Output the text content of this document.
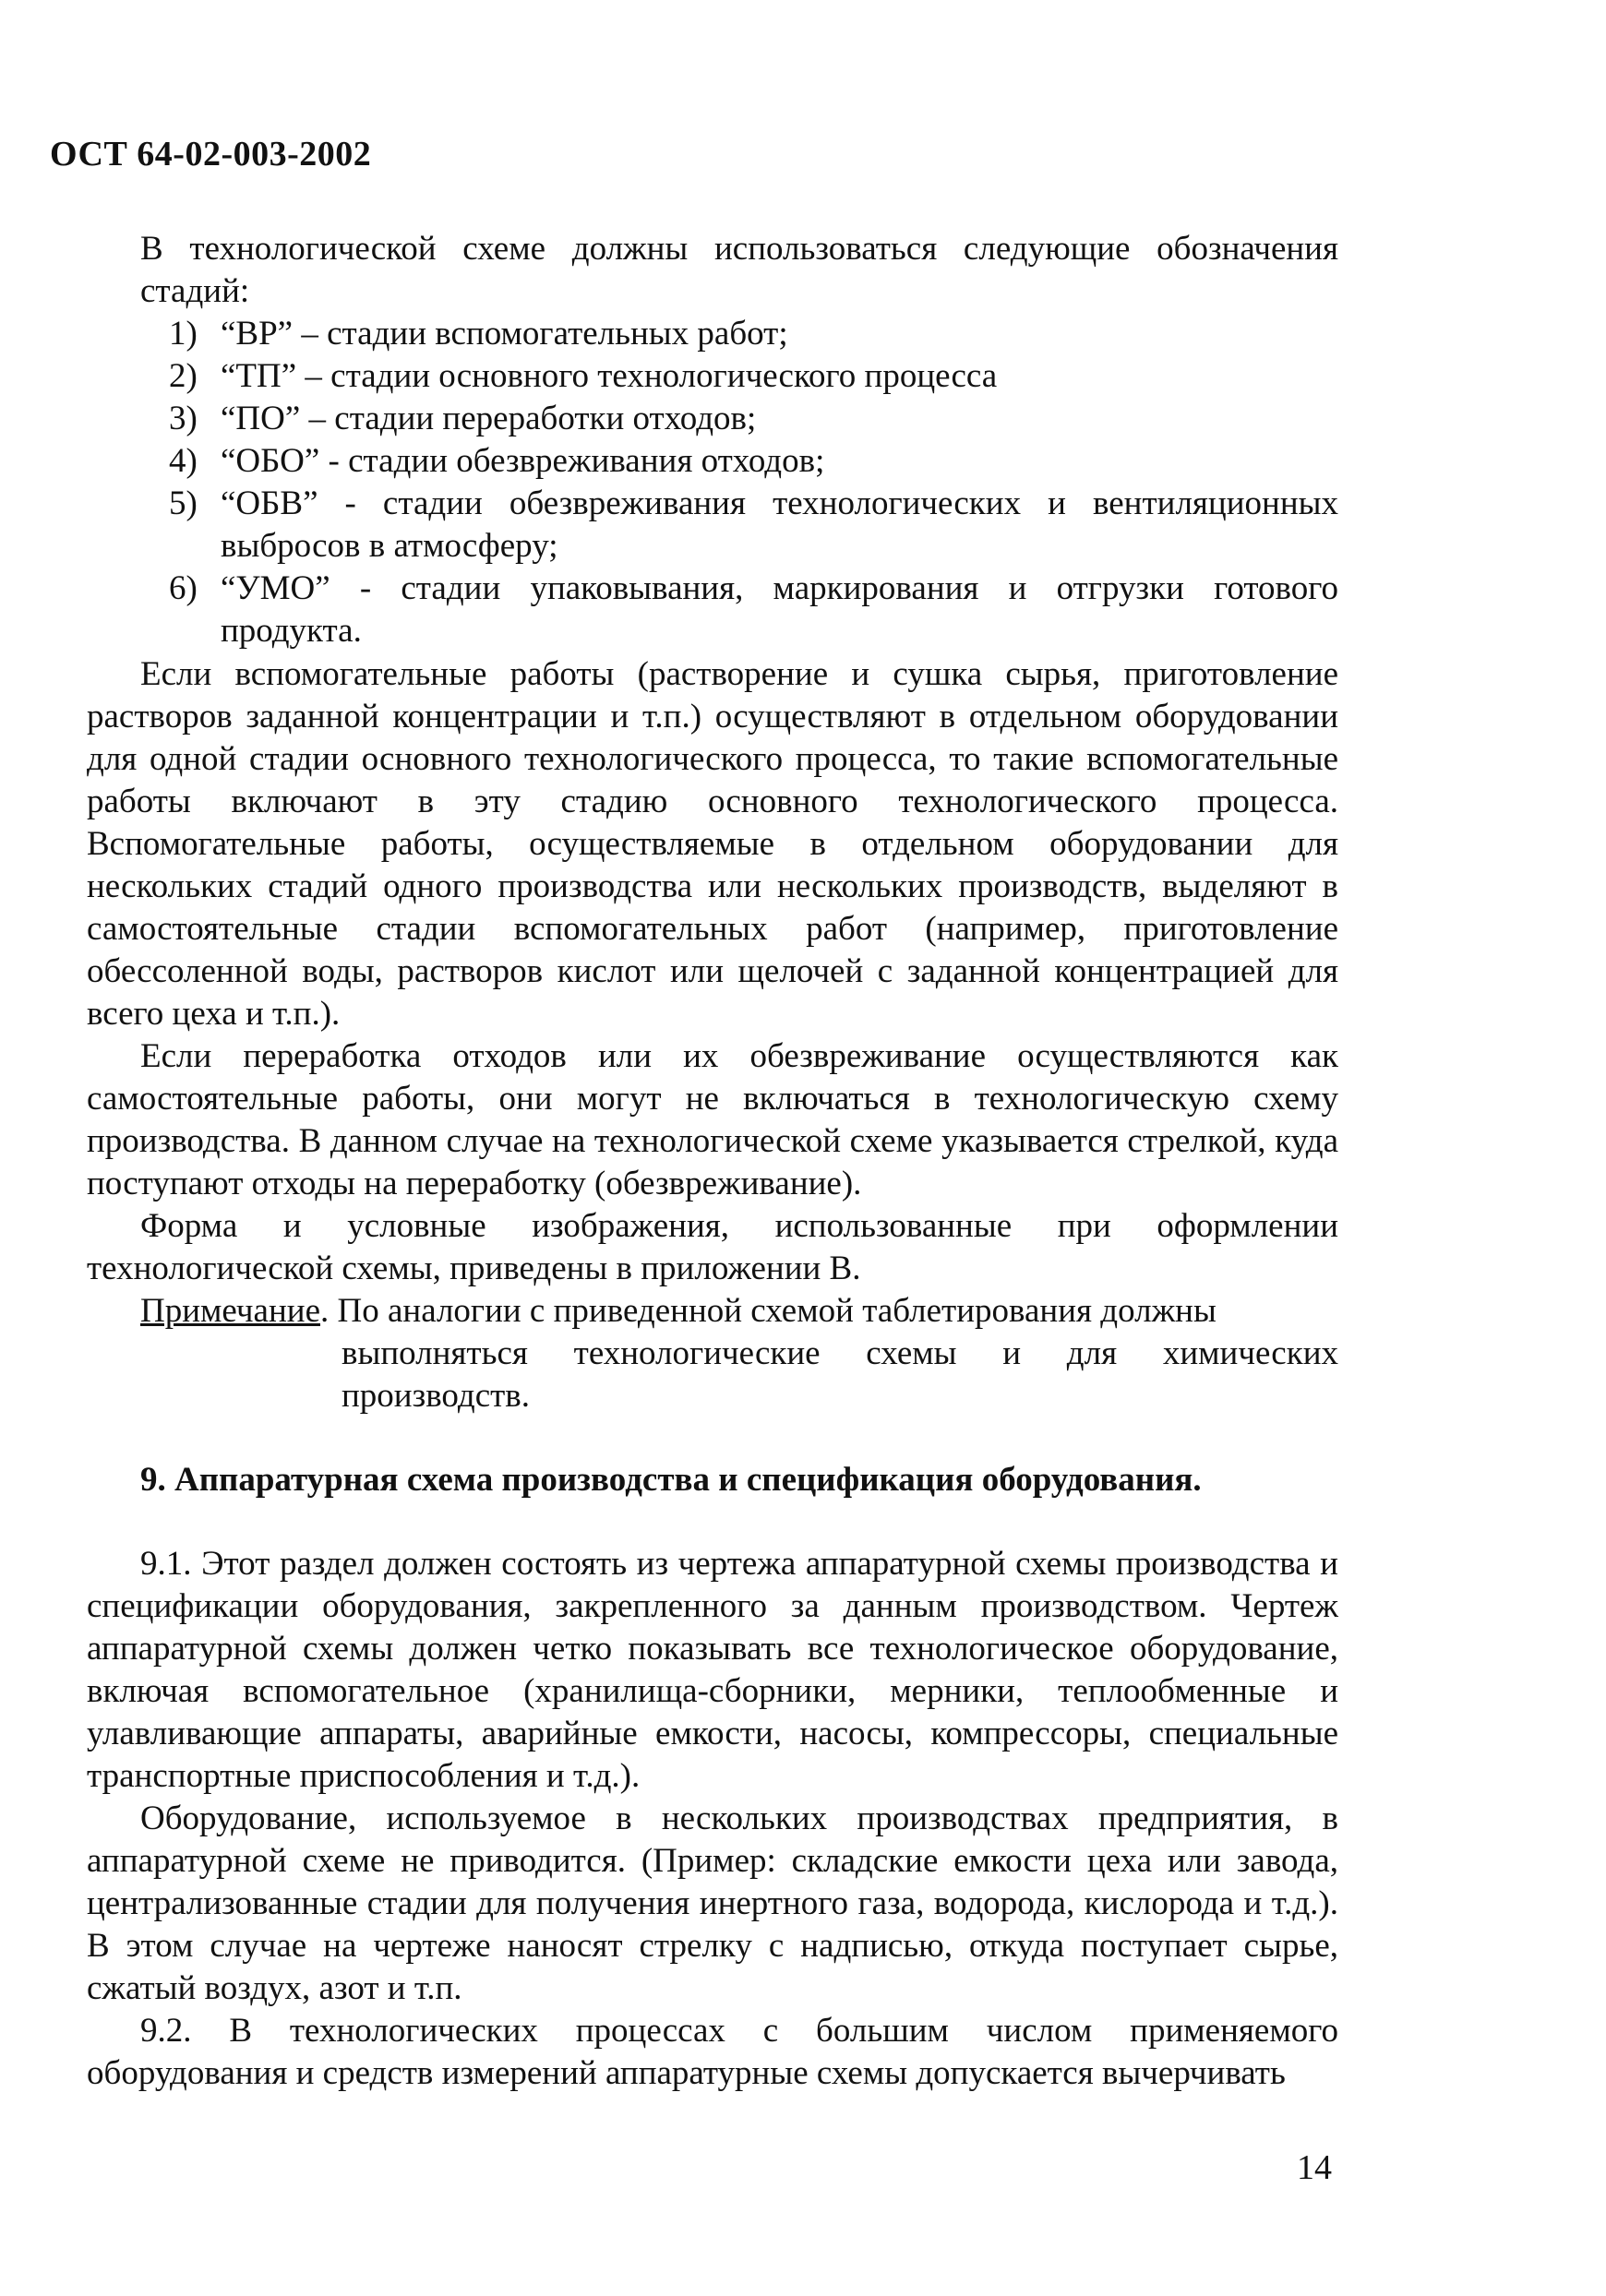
ОСТ 64-02-003-2002

В технологической схеме должны использоваться следующие обозначения стадий:

1) “ВР” – стадии вспомогательных работ;
2) “ТП” – стадии основного технологического процесса
3) “ПО” – стадии переработки отходов;
4) “ОБО” - стадии обезвреживания отходов;
5) “ОБВ” - стадии обезвреживания технологических и вентиляционных выбросов в атмосферу;
6) “УМО” - стадии упаковывания, маркирования и отгрузки готового продукта.

Если вспомогательные работы (растворение и сушка сырья, приготовление растворов заданной концентрации и т.п.) осуществляют в отдельном оборудовании для одной стадии основного технологического процесса, то такие вспомогательные работы включают в эту стадию основного технологического процесса. Вспомогательные работы, осуществляемые в отдельном оборудовании для нескольких стадий одного производства или нескольких производств, выделяют в самостоятельные стадии вспомогательных работ (например, приготовление обессоленной воды, растворов кислот или щелочей с заданной концентрацией для всего цеха и т.п.).

Если переработка отходов или их обезвреживание осуществляются как самостоятельные работы, они могут не включаться в технологическую схему производства. В данном случае на технологической схеме указывается стрелкой, куда поступают отходы на переработку (обезвреживание).

Форма и условные изображения, использованные при оформлении технологической схемы, приведены в приложении В.

Примечание. По аналогии с приведенной схемой таблетирования должны
выполняться технологические схемы и для химических производств.
9. Аппаратурная схема производства и спецификация оборудования.

9.1. Этот раздел должен состоять из чертежа аппаратурной схемы производства и спецификации оборудования, закрепленного за данным производством. Чертеж аппаратурной схемы должен четко показывать все технологическое оборудование, включая вспомогательное (хранилища-сборники, мерники, теплообменные и улавливающие аппараты, аварийные емкости, насосы, компрессоры, специальные транспортные приспособления и т.д.).

Оборудование, используемое в нескольких производствах предприятия, в аппаратурной схеме не приводится. (Пример: складские емкости цеха или завода, централизованные стадии для получения инертного газа, водорода, кислорода и т.д.). В этом случае на чертеже наносят стрелку с надписью, откуда поступает сырье, сжатый воздух, азот и т.п.

9.2. В технологических процессах с большим числом применяемого оборудования и средств измерений аппаратурные схемы допускается вычерчивать

14
